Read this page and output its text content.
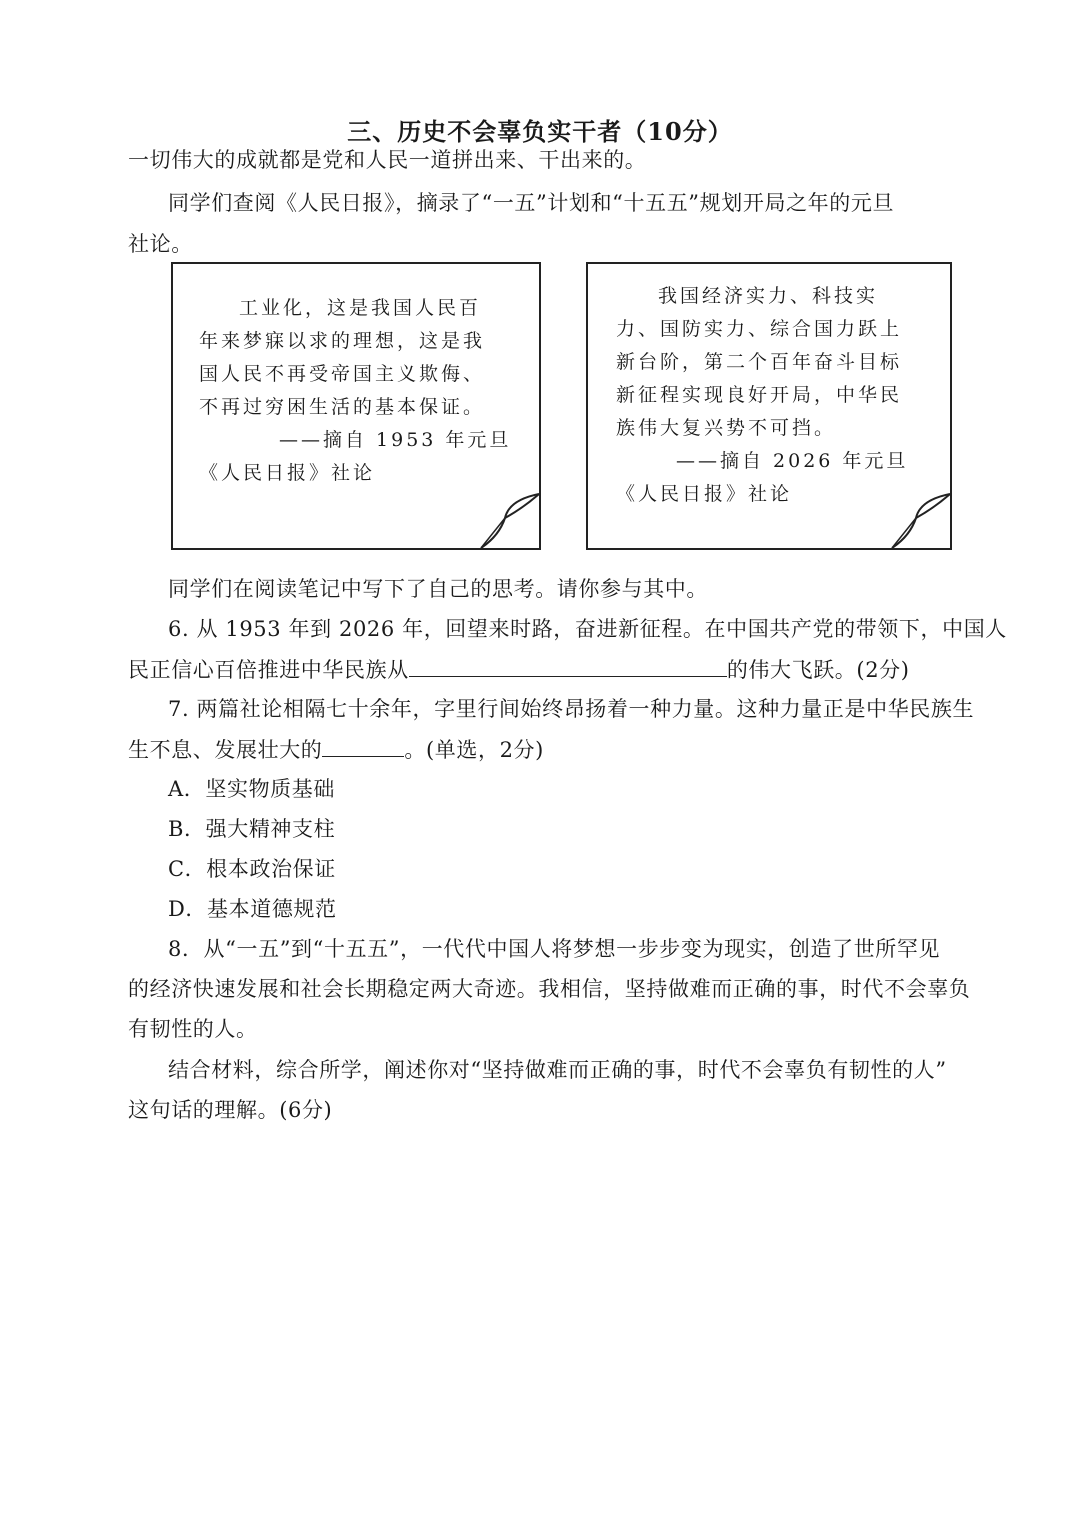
三、历史不会辜负实干者（10分）
一切伟大的成就都是党和人民一道拼出来、干出来的。
同学们查阅《人民日报》，摘录了“一五”计划和“十五五”规划开局之年的元旦
社论。
工业化，这是我国人民百
年来梦寐以求的理想，这是我
国人民不再受帝国主义欺侮、
不再过穷困生活的基本保证。
——摘自 1953 年元旦
《人民日报》社论
我国经济实力、科技实
力、国防实力、综合国力跃上
新台阶，第二个百年奋斗目标
新征程实现良好开局，中华民
族伟大复兴势不可挡。
——摘自 2026 年元旦
《人民日报》社论
同学们在阅读笔记中写下了自己的思考。请你参与其中。
6. 从 1953 年到 2026 年，回望来时路，奋进新征程。在中国共产党的带领下，中国人
民正信心百倍推进中华民族从	的伟大飞跃。(2分)
7. 两篇社论相隔七十余年，字里行间始终昂扬着一种力量。这种力量正是中华民族生
生不息、发展壮大的	。(单选，2分)
A．坚实物质基础
B．强大精神支柱
C．根本政治保证
D．基本道德规范
8．从“一五”到“十五五”，一代代中国人将梦想一步步变为现实，创造了世所罕见
的经济快速发展和社会长期稳定两大奇迹。我相信，坚持做难而正确的事，时代不会辜负
有韧性的人。
结合材料，综合所学，阐述你对“坚持做难而正确的事，时代不会辜负有韧性的人”
这句话的理解。(6分)
